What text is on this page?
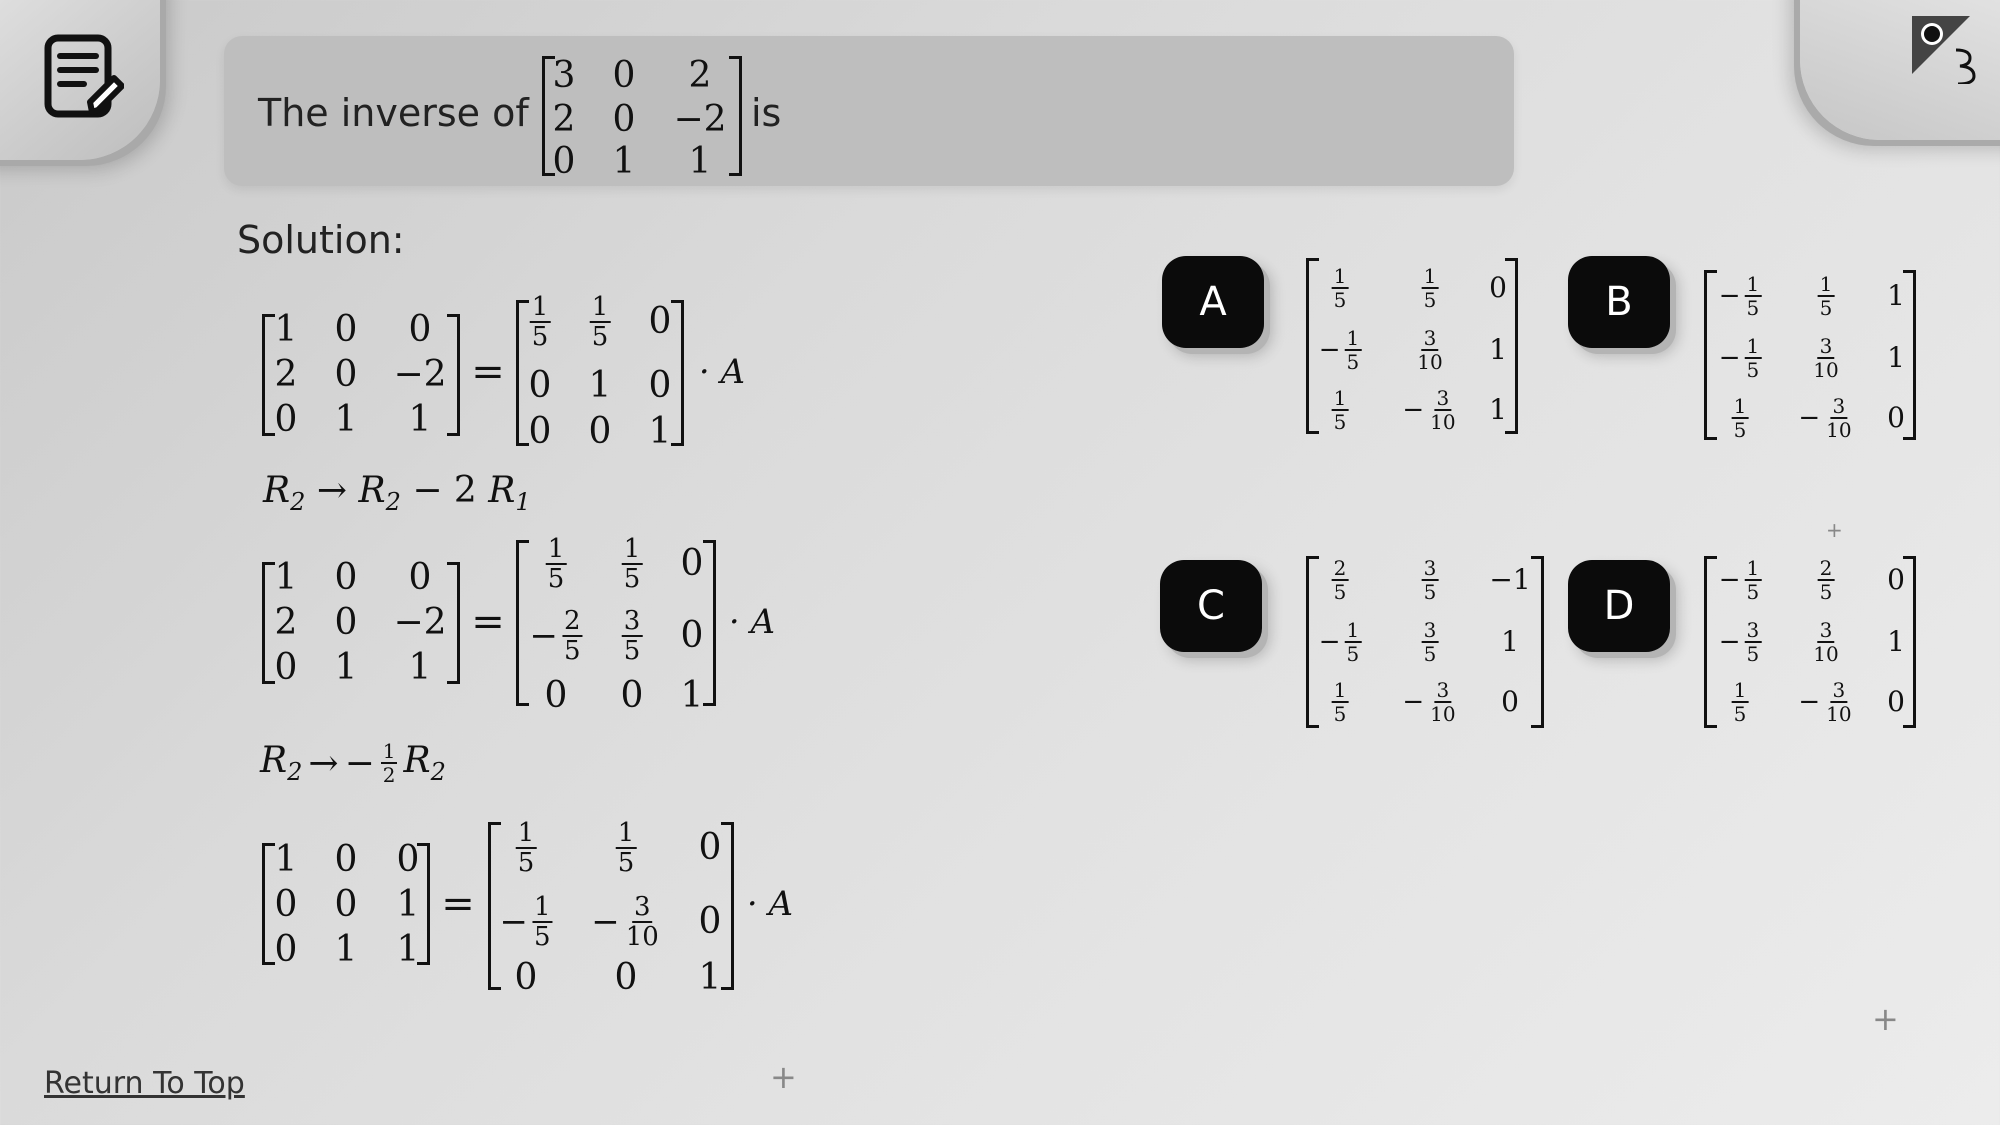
The inverse of
3 0 2
2 0 −2
0 1 1
is
Solution:
1 0 0
2 0 −2
0 1 1
=
$\frac{1}{5} \frac{1}{5} 0$
0 1 0
0 0 1
· A
$R_2 \to R_2 - 2$ $R_1$
1 0 0
2 0 −2
0 1 1
=
$\frac{1}{5} \frac{1}{5} 0$
− $\frac{2}{5} \frac{3}{5} 0$
0 0 1
· A
$R_2$ → − $\frac{1}{2} R_2$
1 0 0
0 0 1
0 1 1
=
$\frac{1}{5}$	$\frac{1}{5} 0$
− $\frac{1}{5} - \frac{3}{10} 0$
0 0 1
· A
A	$\frac{1}{5}$	$\frac{1}{5} 0$
− $\frac{1}{5}$	$\frac{3}{10} 1$
$\frac{1}{5} - \frac{3}{10} 1$
B	− $\frac{1}{5}$	$\frac{1}{5} 1$
− $\frac{1}{5}$	$\frac{3}{10} 1$
$\frac{1}{5} - \frac{3}{10} 0$
C
$\frac{2}{5}$	$\frac{3}{5} -1$
− $\frac{1}{5}$	$\frac{3}{5} 1$
$\frac{1}{5} - \frac{3}{10} 0$
D
− $\frac{1}{5}$	$\frac{2}{5} 0$
− $\frac{3}{5}$	$\frac{3}{10} 1$
$\frac{1}{5} - \frac{3}{10} 0$
Return To Top	+
+
+
